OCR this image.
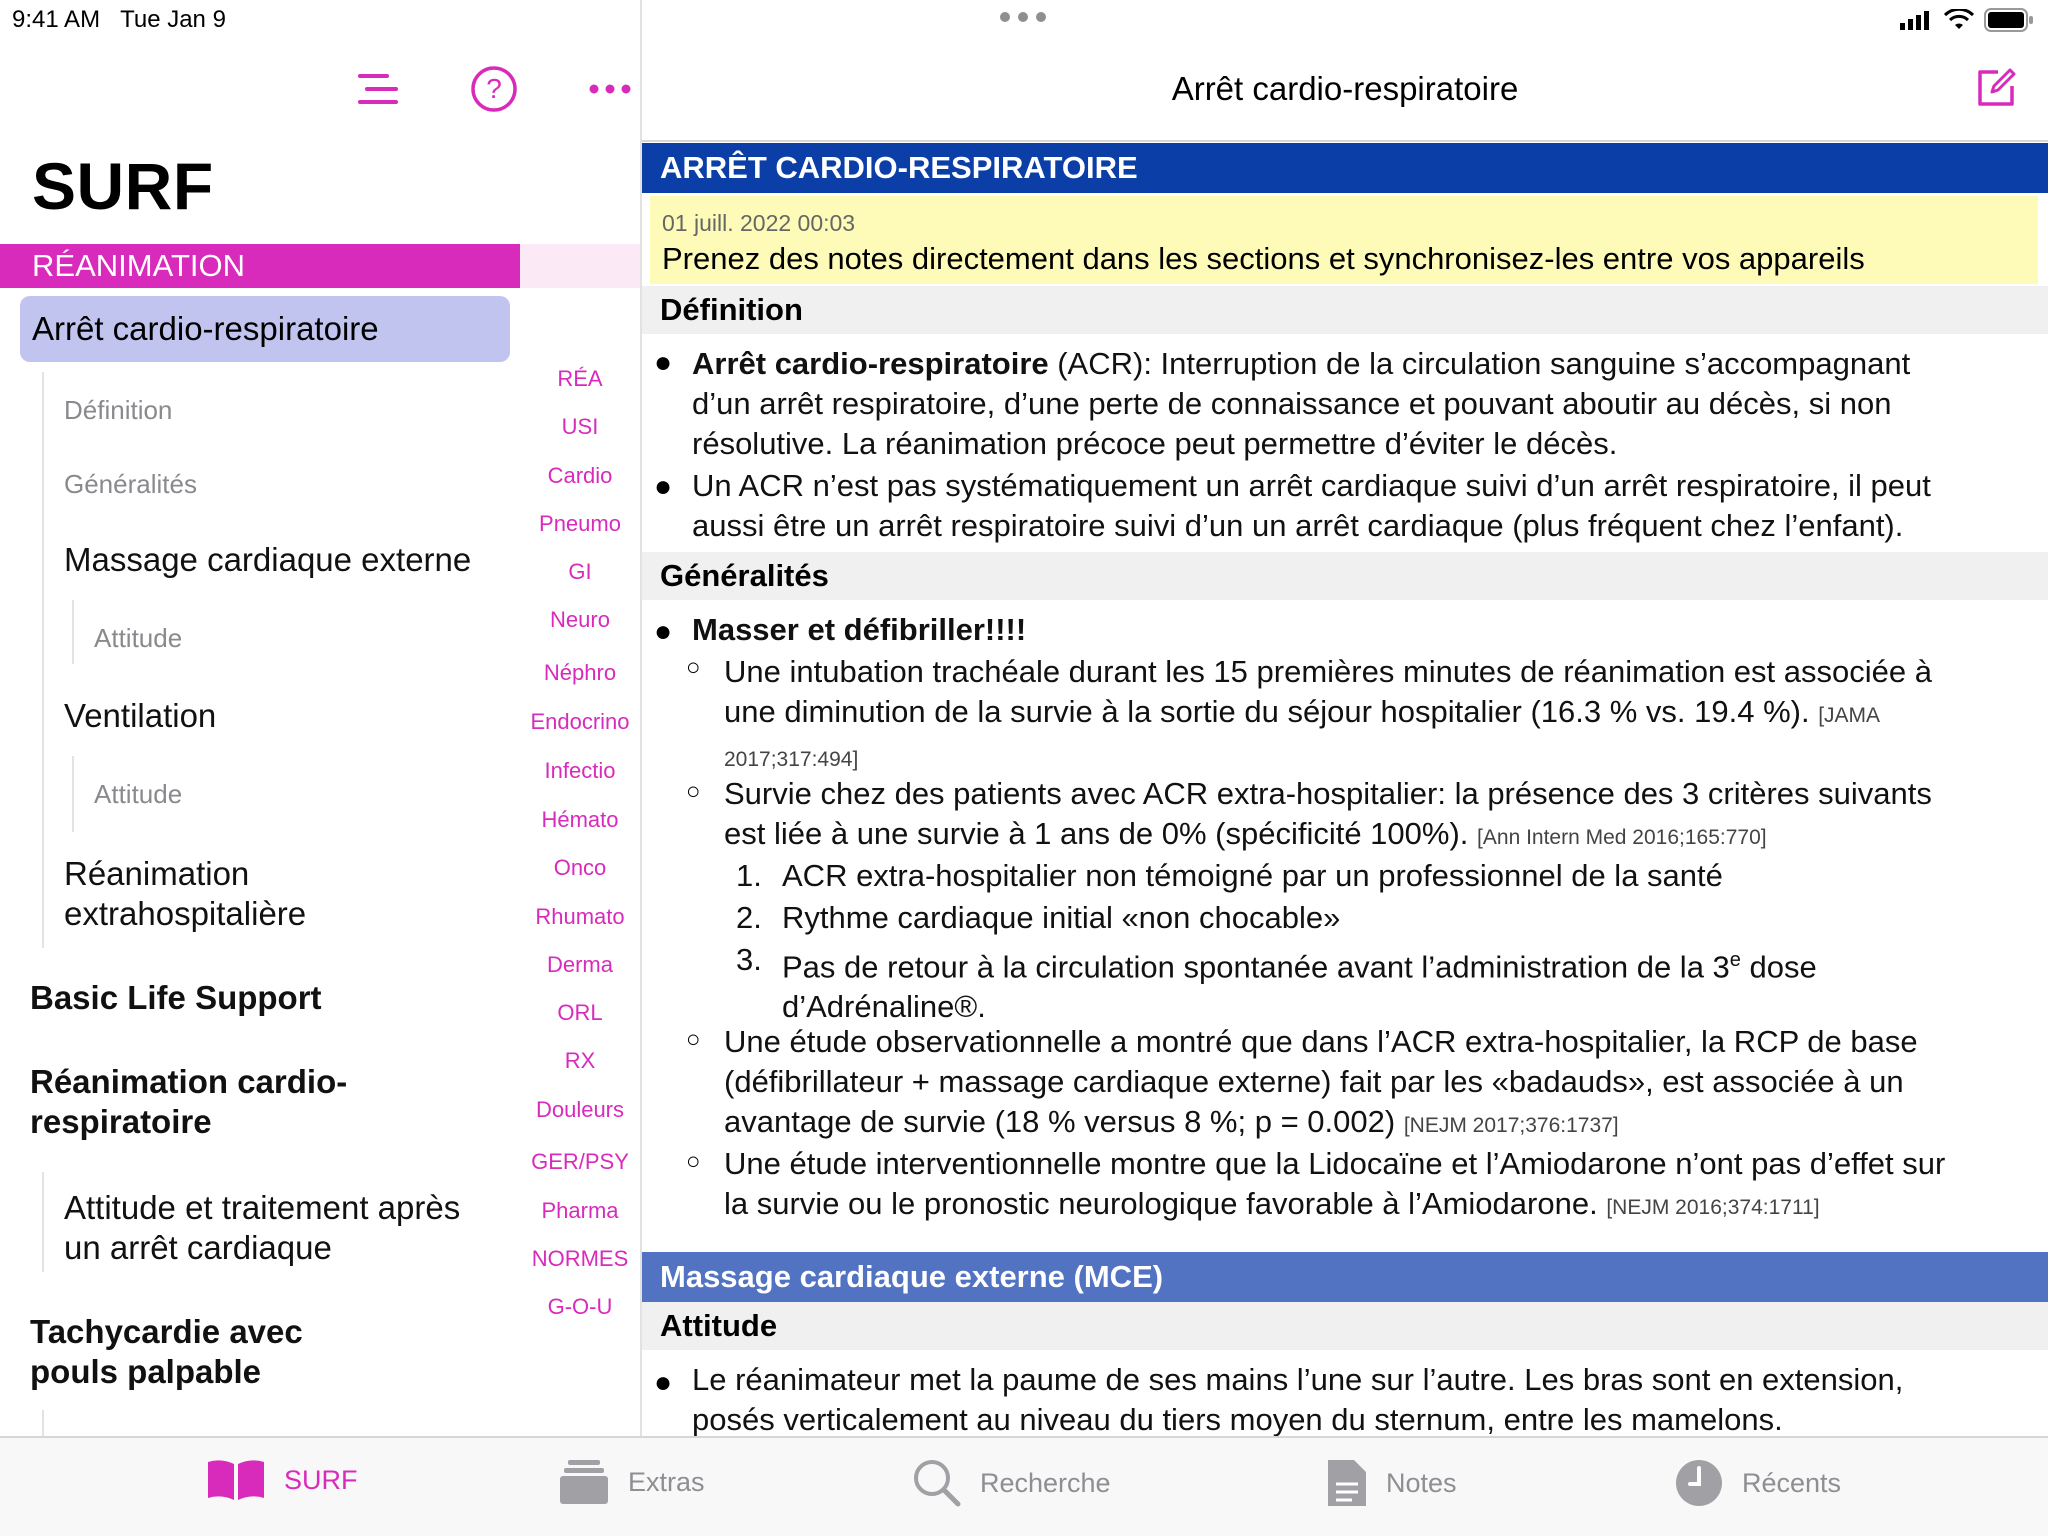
9:41 AM Tue Jan 9
?
SURF
RÉANIMATION
Arrêt cardio-respiratoire
Définition
Généralités
Massage cardiaque externe
Attitude
Ventilation
Attitude
Réanimation extrahospitalière
Basic Life Support
Réanimation cardio-respiratoire
Attitude et traitement après un arrêt cardiaque
Tachycardie avec pouls palpable
RÉA
USI
Cardio
Pneumo
GI
Neuro
Néphro
Endocrino
Infectio
Hémato
Onco
Rhumato
Derma
ORL
RX
Douleurs
GER/PSY
Pharma
NORMES
G-O-U
Arrêt cardio-respiratoire
ARRÊT CARDIO-RESPIRATOIRE
01 juill. 2022 00:03
Prenez des notes directement dans les sections et synchronisez-les entre vos appareils
Définition
● Arrêt cardio-respiratoire (ACR): Interruption de la circulation sanguine s’accompagnant
d’un arrêt respiratoire, d’une perte de connaissance et pouvant aboutir au décès, si non
résolutive. La réanimation précoce peut permettre d’éviter le décès.
● Un ACR n’est pas systématiquement un arrêt cardiaque suivi d’un arrêt respiratoire, il peut
aussi être un arrêt respiratoire suivi d’un un arrêt cardiaque (plus fréquent chez l’enfant).
Généralités
● Masser et défibriller!!!!
○ Une intubation trachéale durant les 15 premières minutes de réanimation est associée à
une diminution de la survie à la sortie du séjour hospitalier (16.3 % vs. 19.4 %). [JAMA
2017;317:494]
○ Survie chez des patients avec ACR extra-hospitalier: la présence des 3 critères suivants
est liée à une survie à 1 ans de 0% (spécificité 100%). [Ann Intern Med 2016;165:770]
1. ACR extra-hospitalier non témoigné par un professionnel de la santé
2. Rythme cardiaque initial «non chocable»
3. Pas de retour à la circulation spontanée avant l’administration de la 3e dose
d’Adrénaline®.
○ Une étude observationnelle a montré que dans l’ACR extra-hospitalier, la RCP de base
(défibrillateur + massage cardiaque externe) fait par les «badauds», est associée à un
avantage de survie (18 % versus 8 %; p = 0.002) [NEJM 2017;376:1737]
○ Une étude interventionnelle montre que la Lidocaïne et l’Amiodarone n’ont pas d’effet sur
la survie ou le pronostic neurologique favorable à l’Amiodarone. [NEJM 2016;374:1711]
Massage cardiaque externe (MCE)
Attitude
● Le réanimateur met la paume de ses mains l’une sur l’autre. Les bras sont en extension,
posés verticalement au niveau du tiers moyen du sternum, entre les mamelons.
SURF	Extras	Recherche	Notes	Récents
